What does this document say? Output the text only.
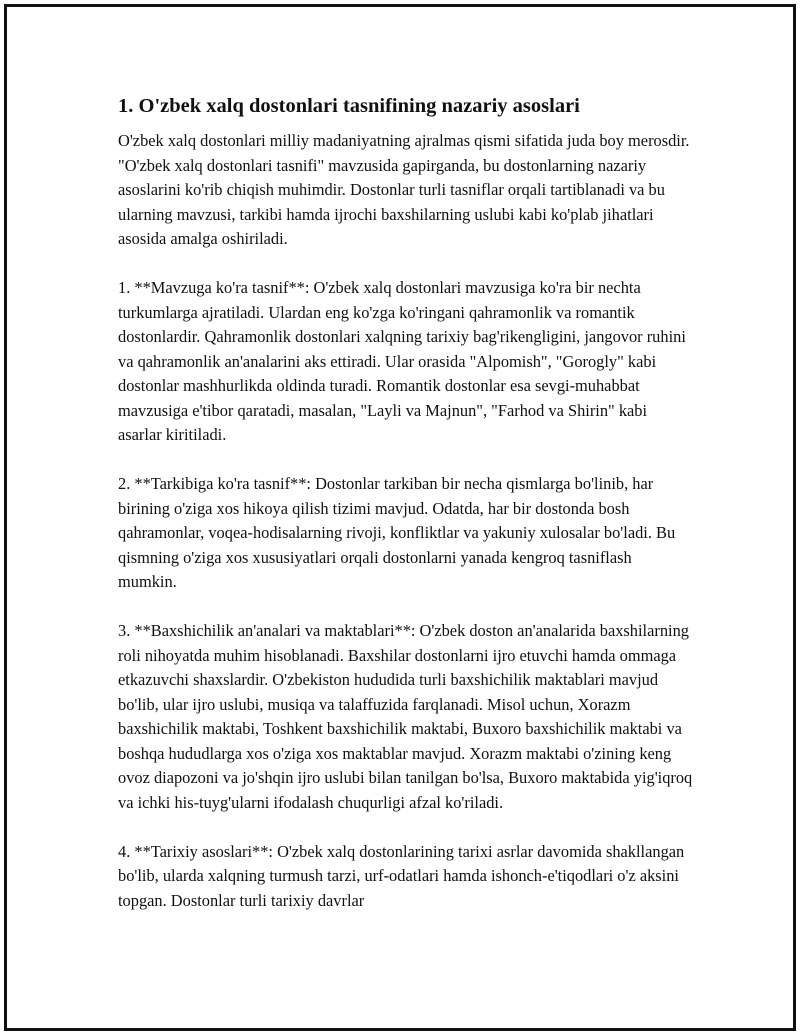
1. O'zbek xalq dostonlari tasnifining nazariy asoslari

O'zbek xalq dostonlari milliy madaniyatning ajralmas qismi sifatida juda boy merosdir. "O'zbek xalq dostonlari tasnifi" mavzusida gapirganda, bu dostonlarning nazariy asoslarini ko'rib chiqish muhimdir. Dostonlar turli tasniflar orqali tartiblanadi va bu ularning mavzusi, tarkibi hamda ijrochi baxshilarning uslubi kabi ko'plab jihatlari asosida amalga oshiriladi.

1. **Mavzuga ko'ra tasnif**: O'zbek xalq dostonlari mavzusiga ko'ra bir nechta turkumlarga ajratiladi. Ulardan eng ko'zga ko'ringani qahramonlik va romantik dostonlardir. Qahramonlik dostonlari xalqning tarixiy bag'rikengligini, jangovor ruhini va qahramonlik an'analarini aks ettiradi. Ular orasida "Alpomish", "Gorogly" kabi dostonlar mashhurlikda oldinda turadi. Romantik dostonlar esa sevgi-muhabbat mavzusiga e'tibor qaratadi, masalan, "Layli va Majnun", "Farhod va Shirin" kabi asarlar kiritiladi.

2. **Tarkibiga ko'ra tasnif**: Dostonlar tarkiban bir necha qismlarga bo'linib, har birining o'ziga xos hikoya qilish tizimi mavjud. Odatda, har bir dostonda bosh qahramonlar, voqea-hodisalarning rivoji, konfliktlar va yakuniy xulosalar bo'ladi. Bu qismning o'ziga xos xususiyatlari orqali dostonlarni yanada kengroq tasniflash mumkin.

3. **Baxshichilik an'analari va maktablari**: O'zbek doston an'analarida baxshilarning roli nihoyatda muhim hisoblanadi. Baxshilar dostonlarni ijro etuvchi hamda ommaga etkazuvchi shaxslardir. O'zbekiston hududida turli baxshichilik maktablari mavjud bo'lib, ular ijro uslubi, musiqa va talaffuzida farqlanadi. Misol uchun, Xorazm baxshichilik maktabi, Toshkent baxshichilik maktabi, Buxoro baxshichilik maktabi va boshqa hududlarga xos o'ziga xos maktablar mavjud. Xorazm maktabi o'zining keng ovoz diapozoni va jo'shqin ijro uslubi bilan tanilgan bo'lsa, Buxoro maktabida yig'iqroq va ichki his-tuyg'ularni ifodalash chuqurligi afzal ko'riladi.

4. **Tarixiy asoslari**: O'zbek xalq dostonlarining tarixi asrlar davomida shakllangan bo'lib, ularda xalqning turmush tarzi, urf-odatlari hamda ishonch-e'tiqodlari o'z aksini topgan. Dostonlar turli tarixiy davrlar
